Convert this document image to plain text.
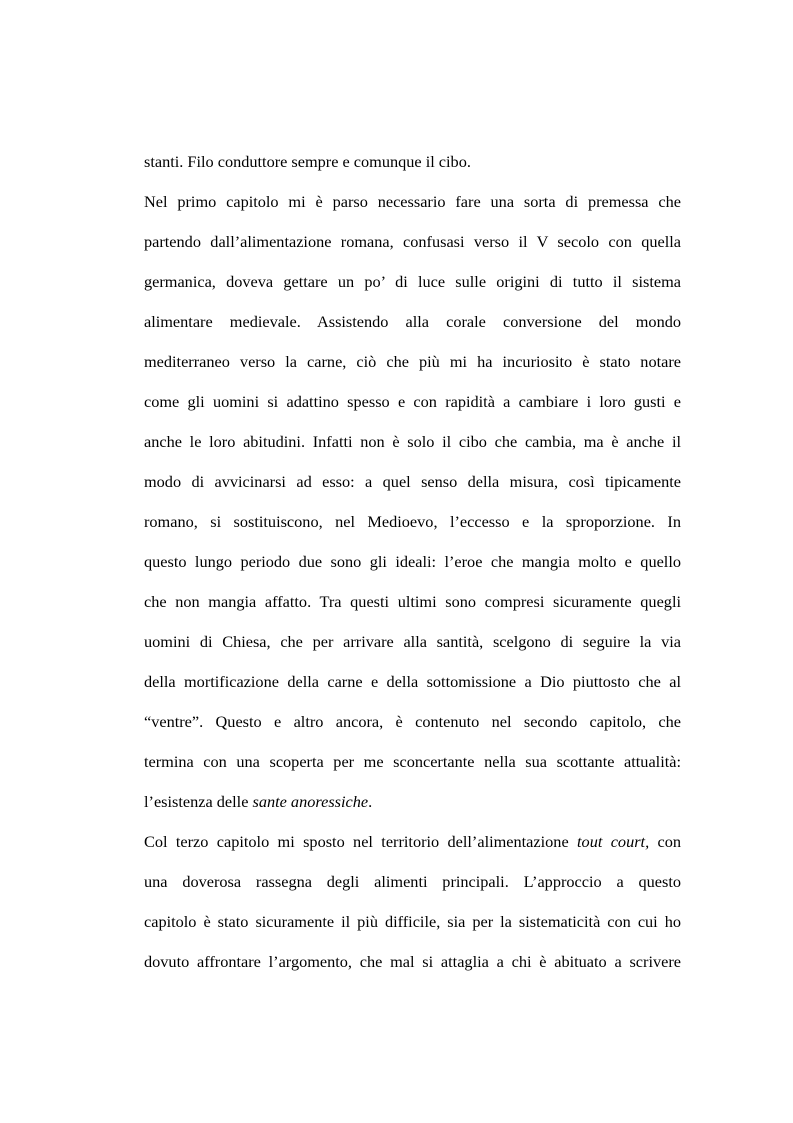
stanti. Filo conduttore sempre e comunque il cibo.
Nel primo capitolo mi è parso necessario fare una sorta di premessa che
partendo dall’alimentazione romana, confusasi verso il V secolo con quella
germanica, doveva gettare un po’ di luce sulle origini di tutto il sistema
alimentare medievale. Assistendo alla corale conversione del mondo
mediterraneo verso la carne, ciò che più mi ha incuriosito è stato notare
come gli uomini si adattino spesso e con rapidità a cambiare i loro gusti e
anche le loro abitudini. Infatti non è solo il cibo che cambia, ma è anche il
modo di avvicinarsi ad esso: a quel senso della misura, così tipicamente
romano, si sostituiscono, nel Medioevo, l’eccesso e la sproporzione. In
questo lungo periodo due sono gli ideali: l’eroe che mangia molto e quello
che non mangia affatto. Tra questi ultimi sono compresi sicuramente quegli
uomini di Chiesa, che per arrivare alla santità, scelgono di seguire la via
della mortificazione della carne e della sottomissione a Dio piuttosto che al
“ventre”. Questo e altro ancora, è contenuto nel secondo capitolo, che
termina con una scoperta per me sconcertante nella sua scottante attualità:
l’esistenza delle sante anoressiche.
Col terzo capitolo mi sposto nel territorio dell’alimentazione tout court, con
una doverosa rassegna degli alimenti principali. L’approccio a questo
capitolo è stato sicuramente il più difficile, sia per la sistematicità con cui ho
dovuto affrontare l’argomento, che mal si attaglia a chi è abituato a scrivere
